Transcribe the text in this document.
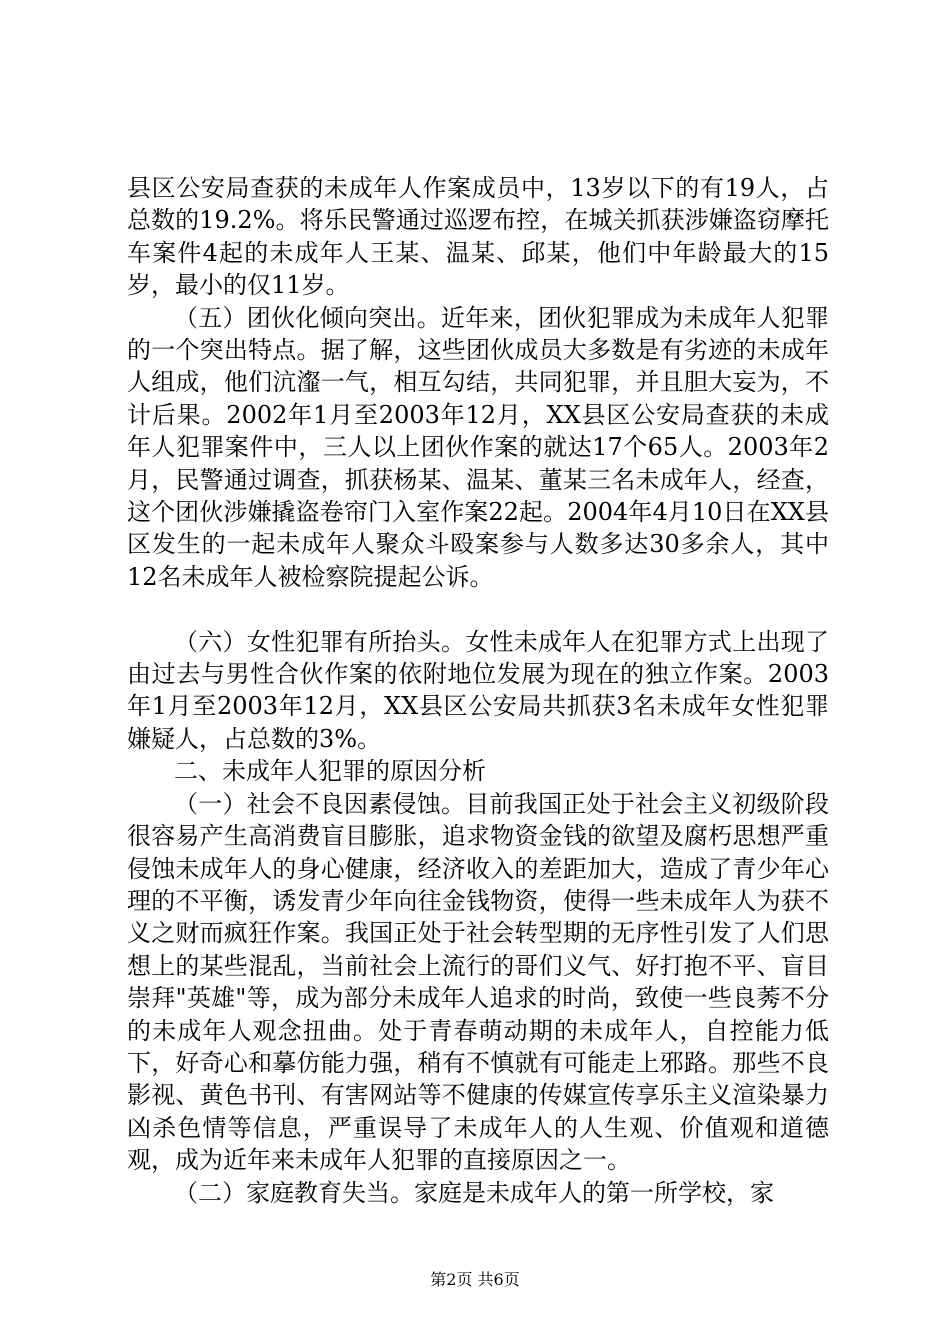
县区公安局查获的未成年人作案成员中，13岁以下的有19人，占总数的19.2%。将乐民警通过巡逻布控，在城关抓获涉嫌盗窃摩托车案件4起的未成年人王某、温某、邱某，他们中年龄最大的15岁，最小的仅11岁。

（五）团伙化倾向突出。近年来，团伙犯罪成为未成年人犯罪的一个突出特点。据了解，这些团伙成员大多数是有劣迹的未成年人组成，他们沆瀣一气，相互勾结，共同犯罪，并且胆大妄为，不计后果。2002年1月至2003年12月，XX县区公安局查获的未成年人犯罪案件中，三人以上团伙作案的就达17个65人。2003年2月，民警通过调查，抓获杨某、温某、董某三名未成年人，经查，这个团伙涉嫌撬盗卷帘门入室作案22起。2004年4月10日在XX县区发生的一起未成年人聚众斗殴案参与人数多达30多余人，其中12名未成年人被检察院提起公诉。

（六）女性犯罪有所抬头。女性未成年人在犯罪方式上出现了由过去与男性合伙作案的依附地位发展为现在的独立作案。2003年1月至2003年12月，XX县区公安局共抓获3名未成年女性犯罪嫌疑人，占总数的3%。

二、未成年人犯罪的原因分析

（一）社会不良因素侵蚀。目前我国正处于社会主义初级阶段很容易产生高消费盲目膨胀，追求物资金钱的欲望及腐朽思想严重侵蚀未成年人的身心健康，经济收入的差距加大，造成了青少年心理的不平衡，诱发青少年向往金钱物资，使得一些未成年人为获不义之财而疯狂作案。我国正处于社会转型期的无序性引发了人们思想上的某些混乱，当前社会上流行的哥们义气、好打抱不平、盲目崇拜"英雄"等，成为部分未成年人追求的时尚，致使一些良莠不分的未成年人观念扭曲。处于青春萌动期的未成年人，自控能力低下，好奇心和摹仿能力强，稍有不慎就有可能走上邪路。那些不良影视、黄色书刊、有害网站等不健康的传媒宣传享乐主义渲染暴力凶杀色情等信息，严重误导了未成年人的人生观、价值观和道德观，成为近年来未成年人犯罪的直接原因之一。

（二）家庭教育失当。家庭是未成年人的第一所学校，家

第2页 共6页
